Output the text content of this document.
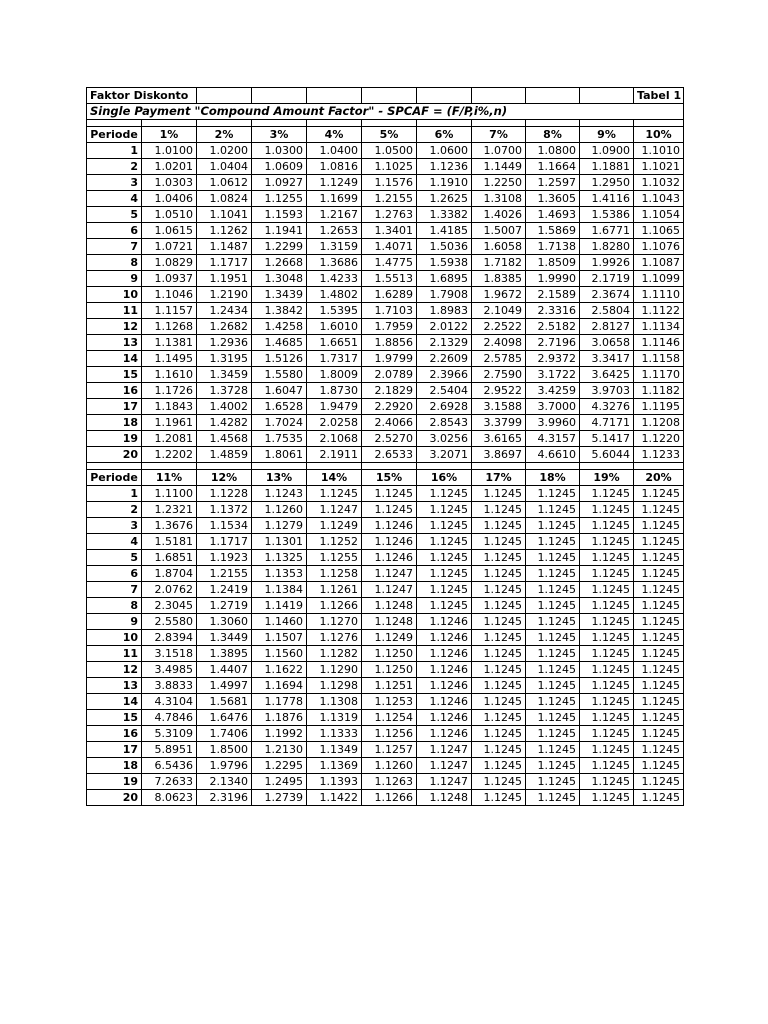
Faktor Diskonto										Tabel 1
Single Payment "Compound Amount Factor" - SPCAF = (F/P,i%,n)										

Periode	1%	2%	3%	4%	5%	6%	7%	8%	9%	10%
1	1.0100	1.0200	1.0300	1.0400	1.0500	1.0600	1.0700	1.0800	1.0900	1.1010
2	1.0201	1.0404	1.0609	1.0816	1.1025	1.1236	1.1449	1.1664	1.1881	1.1021
3	1.0303	1.0612	1.0927	1.1249	1.1576	1.1910	1.2250	1.2597	1.2950	1.1032
4	1.0406	1.0824	1.1255	1.1699	1.2155	1.2625	1.3108	1.3605	1.4116	1.1043
5	1.0510	1.1041	1.1593	1.2167	1.2763	1.3382	1.4026	1.4693	1.5386	1.1054
6	1.0615	1.1262	1.1941	1.2653	1.3401	1.4185	1.5007	1.5869	1.6771	1.1065
7	1.0721	1.1487	1.2299	1.3159	1.4071	1.5036	1.6058	1.7138	1.8280	1.1076
8	1.0829	1.1717	1.2668	1.3686	1.4775	1.5938	1.7182	1.8509	1.9926	1.1087
9	1.0937	1.1951	1.3048	1.4233	1.5513	1.6895	1.8385	1.9990	2.1719	1.1099
10	1.1046	1.2190	1.3439	1.4802	1.6289	1.7908	1.9672	2.1589	2.3674	1.1110
11	1.1157	1.2434	1.3842	1.5395	1.7103	1.8983	2.1049	2.3316	2.5804	1.1122
12	1.1268	1.2682	1.4258	1.6010	1.7959	2.0122	2.2522	2.5182	2.8127	1.1134
13	1.1381	1.2936	1.4685	1.6651	1.8856	2.1329	2.4098	2.7196	3.0658	1.1146
14	1.1495	1.3195	1.5126	1.7317	1.9799	2.2609	2.5785	2.9372	3.3417	1.1158
15	1.1610	1.3459	1.5580	1.8009	2.0789	2.3966	2.7590	3.1722	3.6425	1.1170
16	1.1726	1.3728	1.6047	1.8730	2.1829	2.5404	2.9522	3.4259	3.9703	1.1182
17	1.1843	1.4002	1.6528	1.9479	2.2920	2.6928	3.1588	3.7000	4.3276	1.1195
18	1.1961	1.4282	1.7024	2.0258	2.4066	2.8543	3.3799	3.9960	4.7171	1.1208
19	1.2081	1.4568	1.7535	2.1068	2.5270	3.0256	3.6165	4.3157	5.1417	1.1220
20	1.2202	1.4859	1.8061	2.1911	2.6533	3.2071	3.8697	4.6610	5.6044	1.1233

Periode	11%	12%	13%	14%	15%	16%	17%	18%	19%	20%
1	1.1100	1.1228	1.1243	1.1245	1.1245	1.1245	1.1245	1.1245	1.1245	1.1245
2	1.2321	1.1372	1.1260	1.1247	1.1245	1.1245	1.1245	1.1245	1.1245	1.1245
3	1.3676	1.1534	1.1279	1.1249	1.1246	1.1245	1.1245	1.1245	1.1245	1.1245
4	1.5181	1.1717	1.1301	1.1252	1.1246	1.1245	1.1245	1.1245	1.1245	1.1245
5	1.6851	1.1923	1.1325	1.1255	1.1246	1.1245	1.1245	1.1245	1.1245	1.1245
6	1.8704	1.2155	1.1353	1.1258	1.1247	1.1245	1.1245	1.1245	1.1245	1.1245
7	2.0762	1.2419	1.1384	1.1261	1.1247	1.1245	1.1245	1.1245	1.1245	1.1245
8	2.3045	1.2719	1.1419	1.1266	1.1248	1.1245	1.1245	1.1245	1.1245	1.1245
9	2.5580	1.3060	1.1460	1.1270	1.1248	1.1246	1.1245	1.1245	1.1245	1.1245
10	2.8394	1.3449	1.1507	1.1276	1.1249	1.1246	1.1245	1.1245	1.1245	1.1245
11	3.1518	1.3895	1.1560	1.1282	1.1250	1.1246	1.1245	1.1245	1.1245	1.1245
12	3.4985	1.4407	1.1622	1.1290	1.1250	1.1246	1.1245	1.1245	1.1245	1.1245
13	3.8833	1.4997	1.1694	1.1298	1.1251	1.1246	1.1245	1.1245	1.1245	1.1245
14	4.3104	1.5681	1.1778	1.1308	1.1253	1.1246	1.1245	1.1245	1.1245	1.1245
15	4.7846	1.6476	1.1876	1.1319	1.1254	1.1246	1.1245	1.1245	1.1245	1.1245
16	5.3109	1.7406	1.1992	1.1333	1.1256	1.1246	1.1245	1.1245	1.1245	1.1245
17	5.8951	1.8500	1.2130	1.1349	1.1257	1.1247	1.1245	1.1245	1.1245	1.1245
18	6.5436	1.9796	1.2295	1.1369	1.1260	1.1247	1.1245	1.1245	1.1245	1.1245
19	7.2633	2.1340	1.2495	1.1393	1.1263	1.1247	1.1245	1.1245	1.1245	1.1245
20	8.0623	2.3196	1.2739	1.1422	1.1266	1.1248	1.1245	1.1245	1.1245	1.1245
